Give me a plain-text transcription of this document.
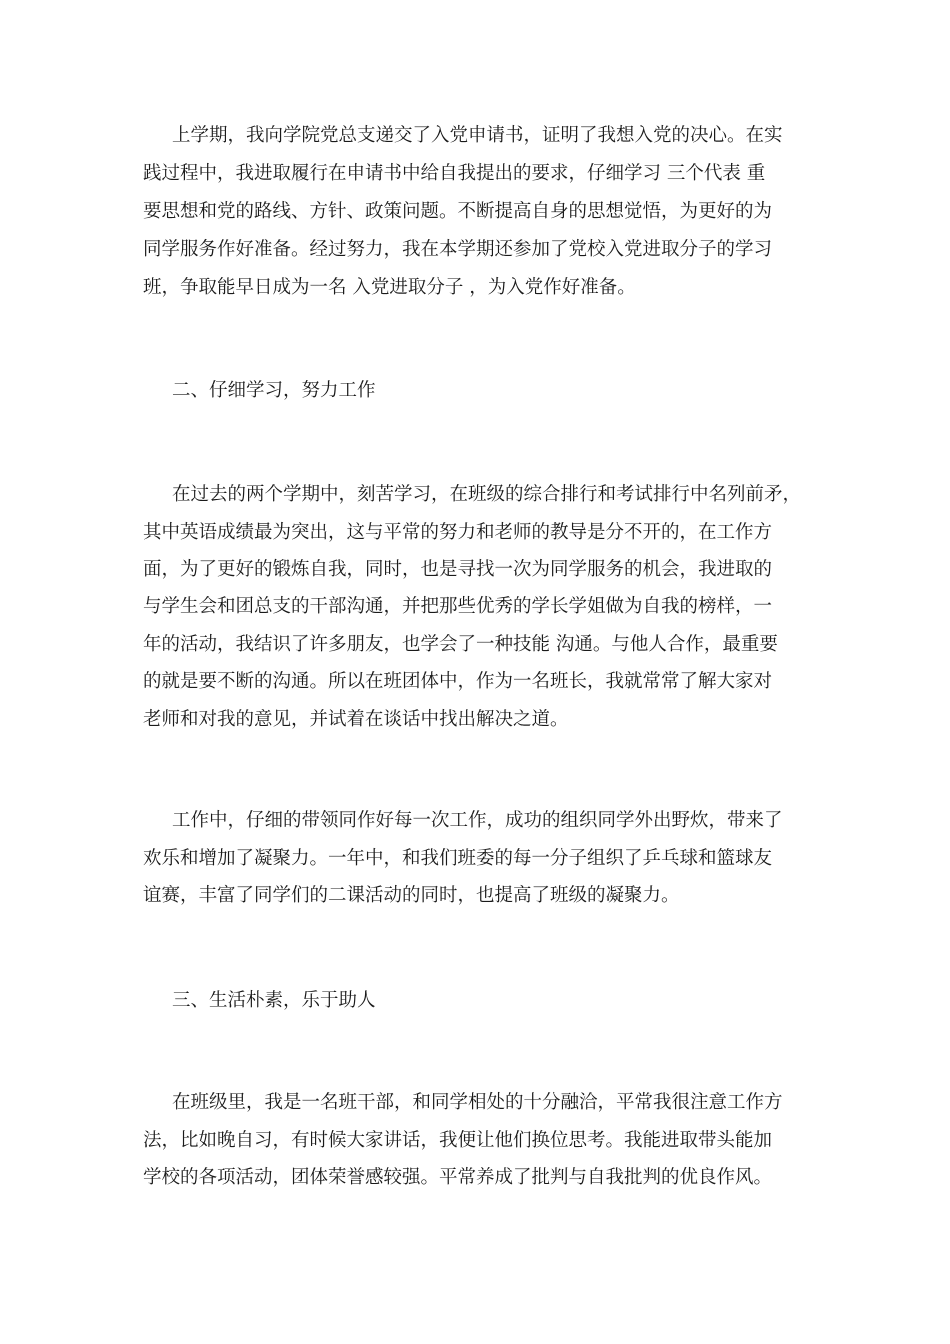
上学期，我向学院党总支递交了入党申请书，证明了我想入党的决心。在实

践过程中，我进取履行在申请书中给自我提出的要求，仔细学习 三个代表 重

要思想和党的路线、方针、政策问题。不断提高自身的思想觉悟，为更好的为

同学服务作好准备。经过努力，我在本学期还参加了党校入党进取分子的学习

班，争取能早日成为一名 入党进取分子 ，为入党作好准备。

二、仔细学习，努力工作

在过去的两个学期中，刻苦学习，在班级的综合排行和考试排行中名列前矛，

其中英语成绩最为突出，这与平常的努力和老师的教导是分不开的，在工作方

面，为了更好的锻炼自我，同时，也是寻找一次为同学服务的机会，我进取的

与学生会和团总支的干部沟通，并把那些优秀的学长学姐做为自我的榜样，一

年的活动，我结识了许多朋友，也学会了一种技能 沟通。与他人合作，最重要

的就是要不断的沟通。所以在班团体中，作为一名班长，我就常常了解大家对

老师和对我的意见，并试着在谈话中找出解决之道。

工作中，仔细的带领同作好每一次工作，成功的组织同学外出野炊，带来了

欢乐和增加了凝聚力。一年中，和我们班委的每一分子组织了乒乓球和篮球友

谊赛，丰富了同学们的二课活动的同时，也提高了班级的凝聚力。

三、生活朴素，乐于助人

在班级里，我是一名班干部，和同学相处的十分融洽，平常我很注意工作方

法，比如晚自习，有时候大家讲话，我便让他们换位思考。我能进取带头能加

学校的各项活动，团体荣誉感较强。平常养成了批判与自我批判的优良作风。
